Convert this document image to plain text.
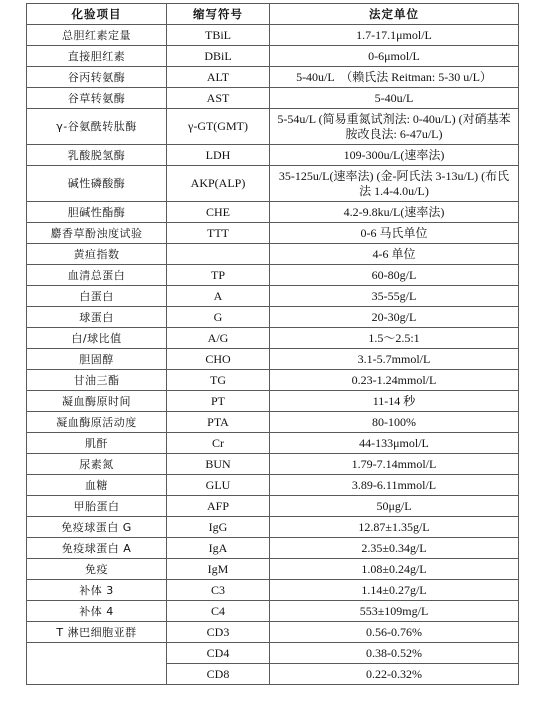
化验项目	缩写符号	法定单位
总胆红素定量	TBiL	1.7-17.1μmol/L
直接胆红素	DBiL	0-6μmol/L
谷丙转氨酶	ALT	5-40u/L　（赖氏法 Reitman: 5-30 u/L）
谷草转氨酶	AST	5-40u/L
γ-谷氨酰转肽酶	γ-GT(GMT)	5-54u/L (简易重氮试剂法: 0-40u/L) (对硝基苯胺改良法: 6-47u/L)
乳酸脱氢酶	LDH	109-300u/L(速率法)
碱性磷酸酶	AKP(ALP)	35-125u/L(速率法) (金-阿氏法 3-13u/L) (布氏法 1.4-4.0u/L)
胆碱性酯酶	CHE	4.2-9.8ku/L(速率法)
麝香草酚浊度试验	TTT	0-6 马氏单位
黄疸指数		4-6 单位
血清总蛋白	TP	60-80g/L
白蛋白	A	35-55g/L
球蛋白	G	20-30g/L
白/球比值	A/G	1.5～2.5:1
胆固醇	CHO	3.1-5.7mmol/L
甘油三酯	TG	0.23-1.24mmol/L
凝血酶原时间	PT	11-14 秒
凝血酶原活动度	PTA	80-100%
肌酐	Cr	44-133μmol/L
尿素氮	BUN	1.79-7.14mmol/L
血糖	GLU	3.89-6.11mmol/L
甲胎蛋白	AFP	50μg/L
免疫球蛋白 G	IgG	12.87±1.35g/L
免疫球蛋白 A	IgA	2.35±0.34g/L
免疫	IgM	1.08±0.24g/L
补体 3	C3	1.14±0.27g/L
补体 4	C4	553±109mg/L
T 淋巴细胞亚群	CD3	0.56-0.76%
	CD4	0.38-0.52%
	CD8	0.22-0.32%
